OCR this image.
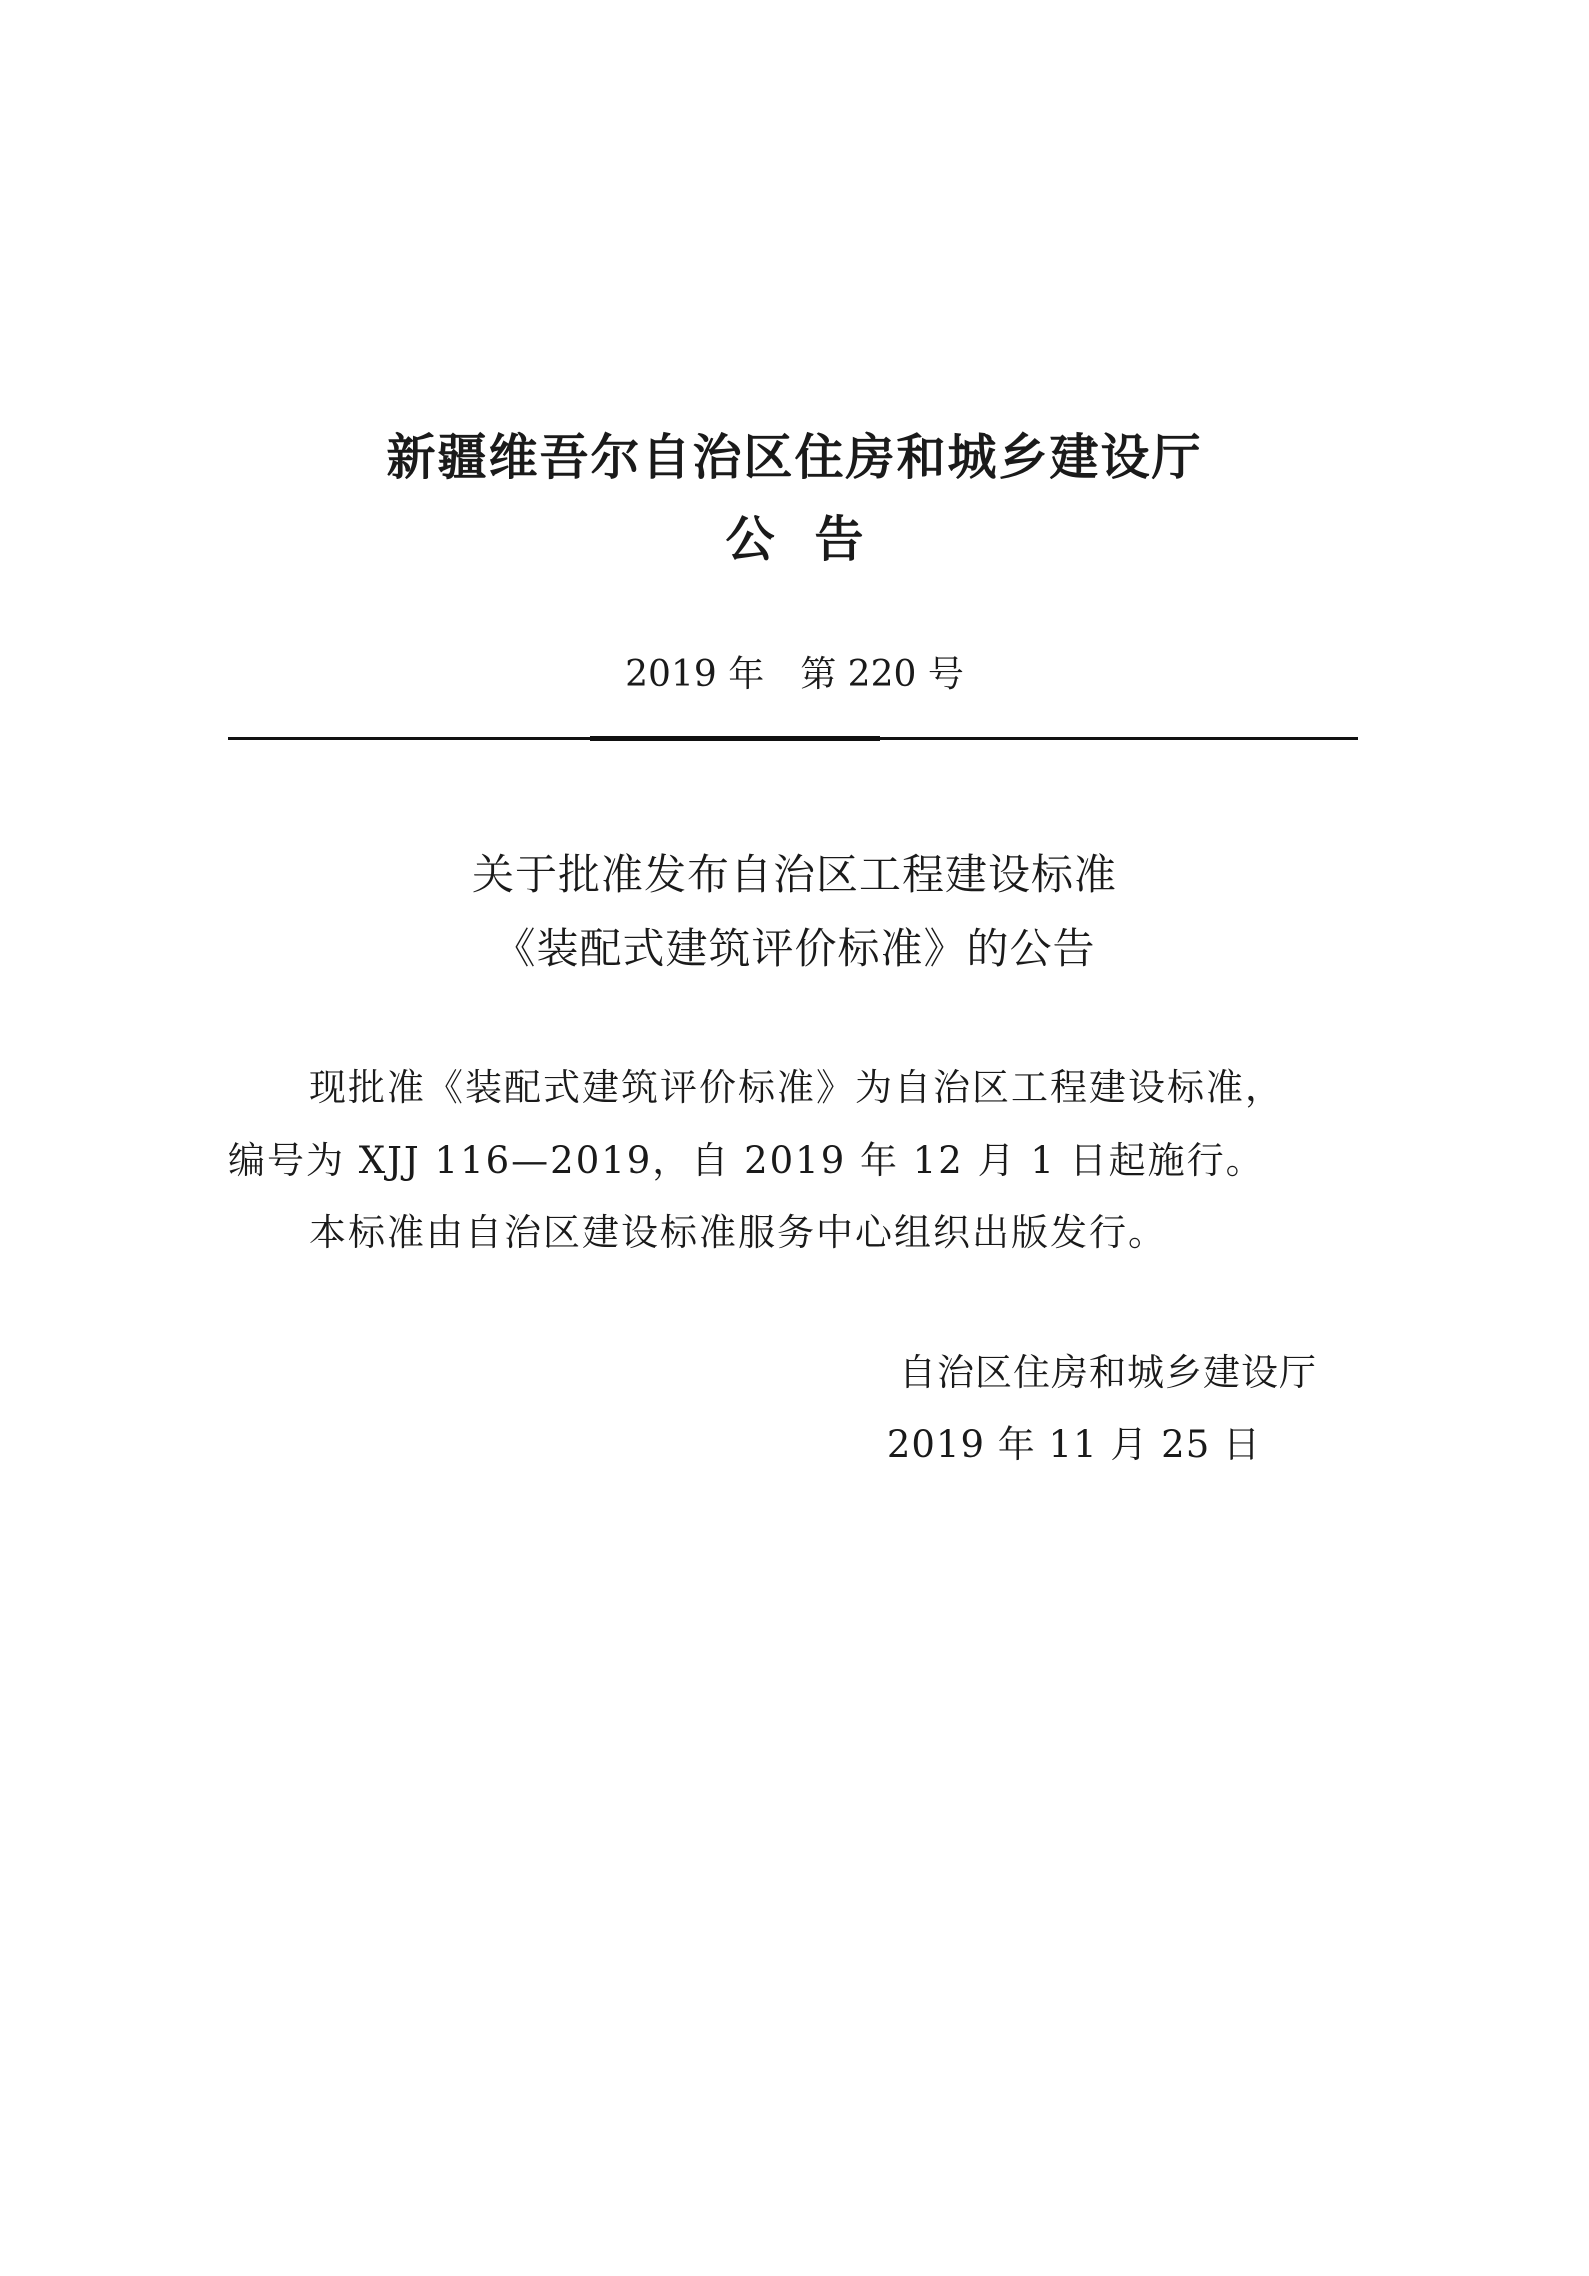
新疆维吾尔自治区住房和城乡建设厅
公告
2019 年 第 220 号
关于批准发布自治区工程建设标准
《装配式建筑评价标准》的公告
现批准《装配式建筑评价标准》为自治区工程建设标准，
编号为 XJJ 116—2019，自 2019 年 12 月 1 日起施行。
本标准由自治区建设标准服务中心组织出版发行。
自治区住房和城乡建设厅
2019 年 11 月 25 日
